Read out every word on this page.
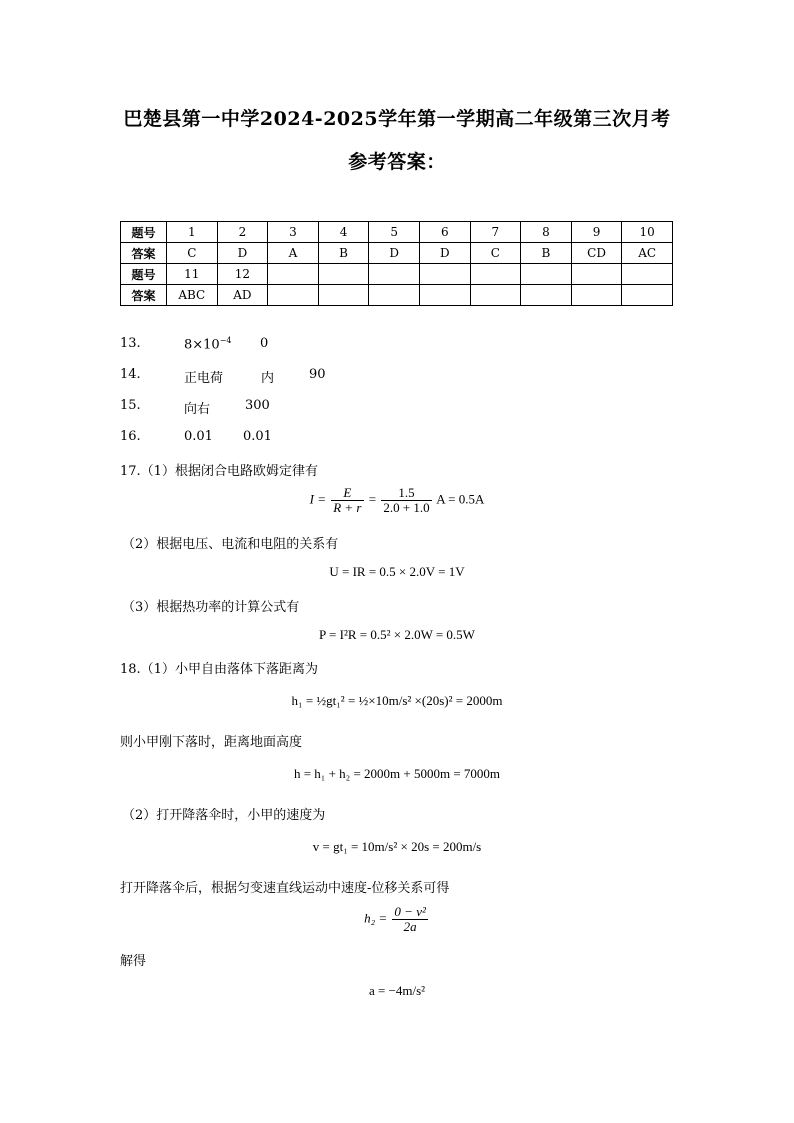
巴楚县第一中学2024-2025学年第一学期高二年级第三次月考
参考答案：
题号	1	2	3	4	5	6	7	8	9	10
答案	C	D	A	B	D	D	C	B	CD	AC
题号	11	12								
答案	ABC	AD								
13.	$8\times 10^{-4}$ 0
14.	正电荷	内	90
15.	向右	300
16.	0.01 0.01
17.（1）根据闭合电路欧姆定律有
$I = \frac{E}{R + r} = \frac{1.5}{2.0 + 1.0}$ A = 0.5A
（2）根据电压、电流和电阻的关系有
U = IR = 0.5 × 2.0V = 1V
（3）根据热功率的计算公式有
P = I²R = 0.5² × 2.0W = 0.5W
18.（1）小甲自由落体下落距离为
h₁ = ½gt₁² = ½×10m/s² ×(20s)² = 2000m
则小甲刚下落时，距离地面高度
h = h₁ + h₂ = 2000m + 5000m = 7000m
（2）打开降落伞时，小甲的速度为
v = gt₁ = 10m/s² × 20s = 200m/s
打开降落伞后，根据匀变速直线运动中速度-位移关系可得
$h_2 = \frac{\text{0 − v²}}{2a}$
解得
a = −4m/s²
